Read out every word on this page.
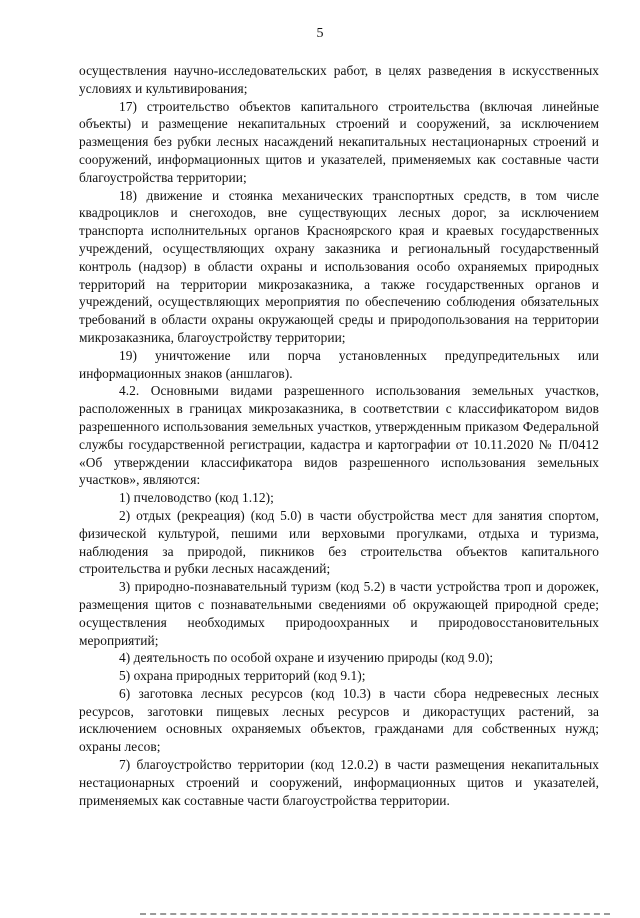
5

осуществления научно-исследовательских работ, в целях разведения в искусственных условиях и культивирования;

17) строительство объектов капитального строительства (включая линейные объекты) и размещение некапитальных строений и сооружений, за исключением размещения без рубки лесных насаждений некапитальных нестационарных строений и сооружений, информационных щитов и указателей, применяемых как составные части благоустройства территории;

18) движение и стоянка механических транспортных средств, в том числе квадроциклов и снегоходов, вне существующих лесных дорог, за исключением транспорта исполнительных органов Красноярского края и краевых государственных учреждений, осуществляющих охрану заказника и региональный государственный контроль (надзор) в области охраны и использования особо охраняемых природных территорий на территории микрозаказника, а также государственных органов и учреждений, осуществляющих мероприятия по обеспечению соблюдения обязательных требований в области охраны окружающей среды и природопользования на территории микрозаказника, благоустройству территории;

19) уничтожение или порча установленных предупредительных или информационных знаков (аншлагов).

4.2. Основными видами разрешенного использования земельных участков, расположенных в границах микрозаказника, в соответствии с классификатором видов разрешенного использования земельных участков, утвержденным приказом Федеральной службы государственной регистрации, кадастра и картографии от 10.11.2020 № П/0412 «Об утверждении классификатора видов разрешенного использования земельных участков», являются:

1) пчеловодство (код 1.12);

2) отдых (рекреация) (код 5.0) в части обустройства мест для занятия спортом, физической культурой, пешими или верховыми прогулками, отдыха и туризма, наблюдения за природой, пикников без строительства объектов капитального строительства и рубки лесных насаждений;

3) природно-познавательный туризм (код 5.2) в части устройства троп и дорожек, размещения щитов с познавательными сведениями об окружающей природной среде; осуществления необходимых природоохранных и природовосстановительных мероприятий;

4) деятельность по особой охране и изучению природы (код 9.0);

5) охрана природных территорий (код 9.1);

6) заготовка лесных ресурсов (код 10.3) в части сбора недревесных лесных ресурсов, заготовки пищевых лесных ресурсов и дикорастущих растений, за исключением основных охраняемых объектов, гражданами для собственных нужд; охраны лесов;

7) благоустройство территории (код 12.0.2) в части размещения некапитальных нестационарных строений и сооружений, информационных щитов и указателей, применяемых как составные части благоустройства территории.
